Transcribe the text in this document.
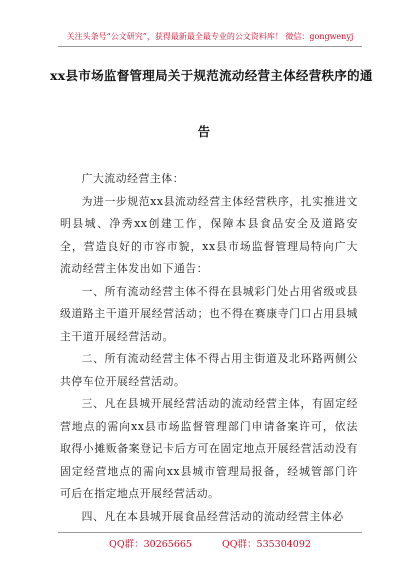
关注头条号“公文研究”，获得最新最全最专业的公文资料库！ 微信：gongwenyj
xx县市场监督管理局关于规范流动经营主体经营秩序的通
告

广大流动经营主体：

为进一步规范xx县流动经营主体经营秩序，扎实推进文明县城、净秀xx创建工作，保障本县食品安全及道路安全，营造良好的市容市貌，xx县市场监督管理局特向广大流动经营主体发出如下通告：

一、所有流动经营主体不得在县城彩门处占用省级或县级道路主干道开展经营活动；也不得在赛康寺门口占用县城主干道开展经营活动。

二、所有流动经营主体不得占用主街道及北环路两侧公共停车位开展经营活动。

三、凡在县城开展经营活动的流动经营主体，有固定经营地点的需向xx县市场监督管理部门申请备案许可，依法取得小摊贩备案登记卡后方可在固定地点开展经营活动没有固定经营地点的需向xx县城市管理局报备，经城管部门许可后在指定地点开展经营活动。

四、凡在本县城开展食品经营活动的流动经营主体必

QQ群：30265665	QQ群：535304092
